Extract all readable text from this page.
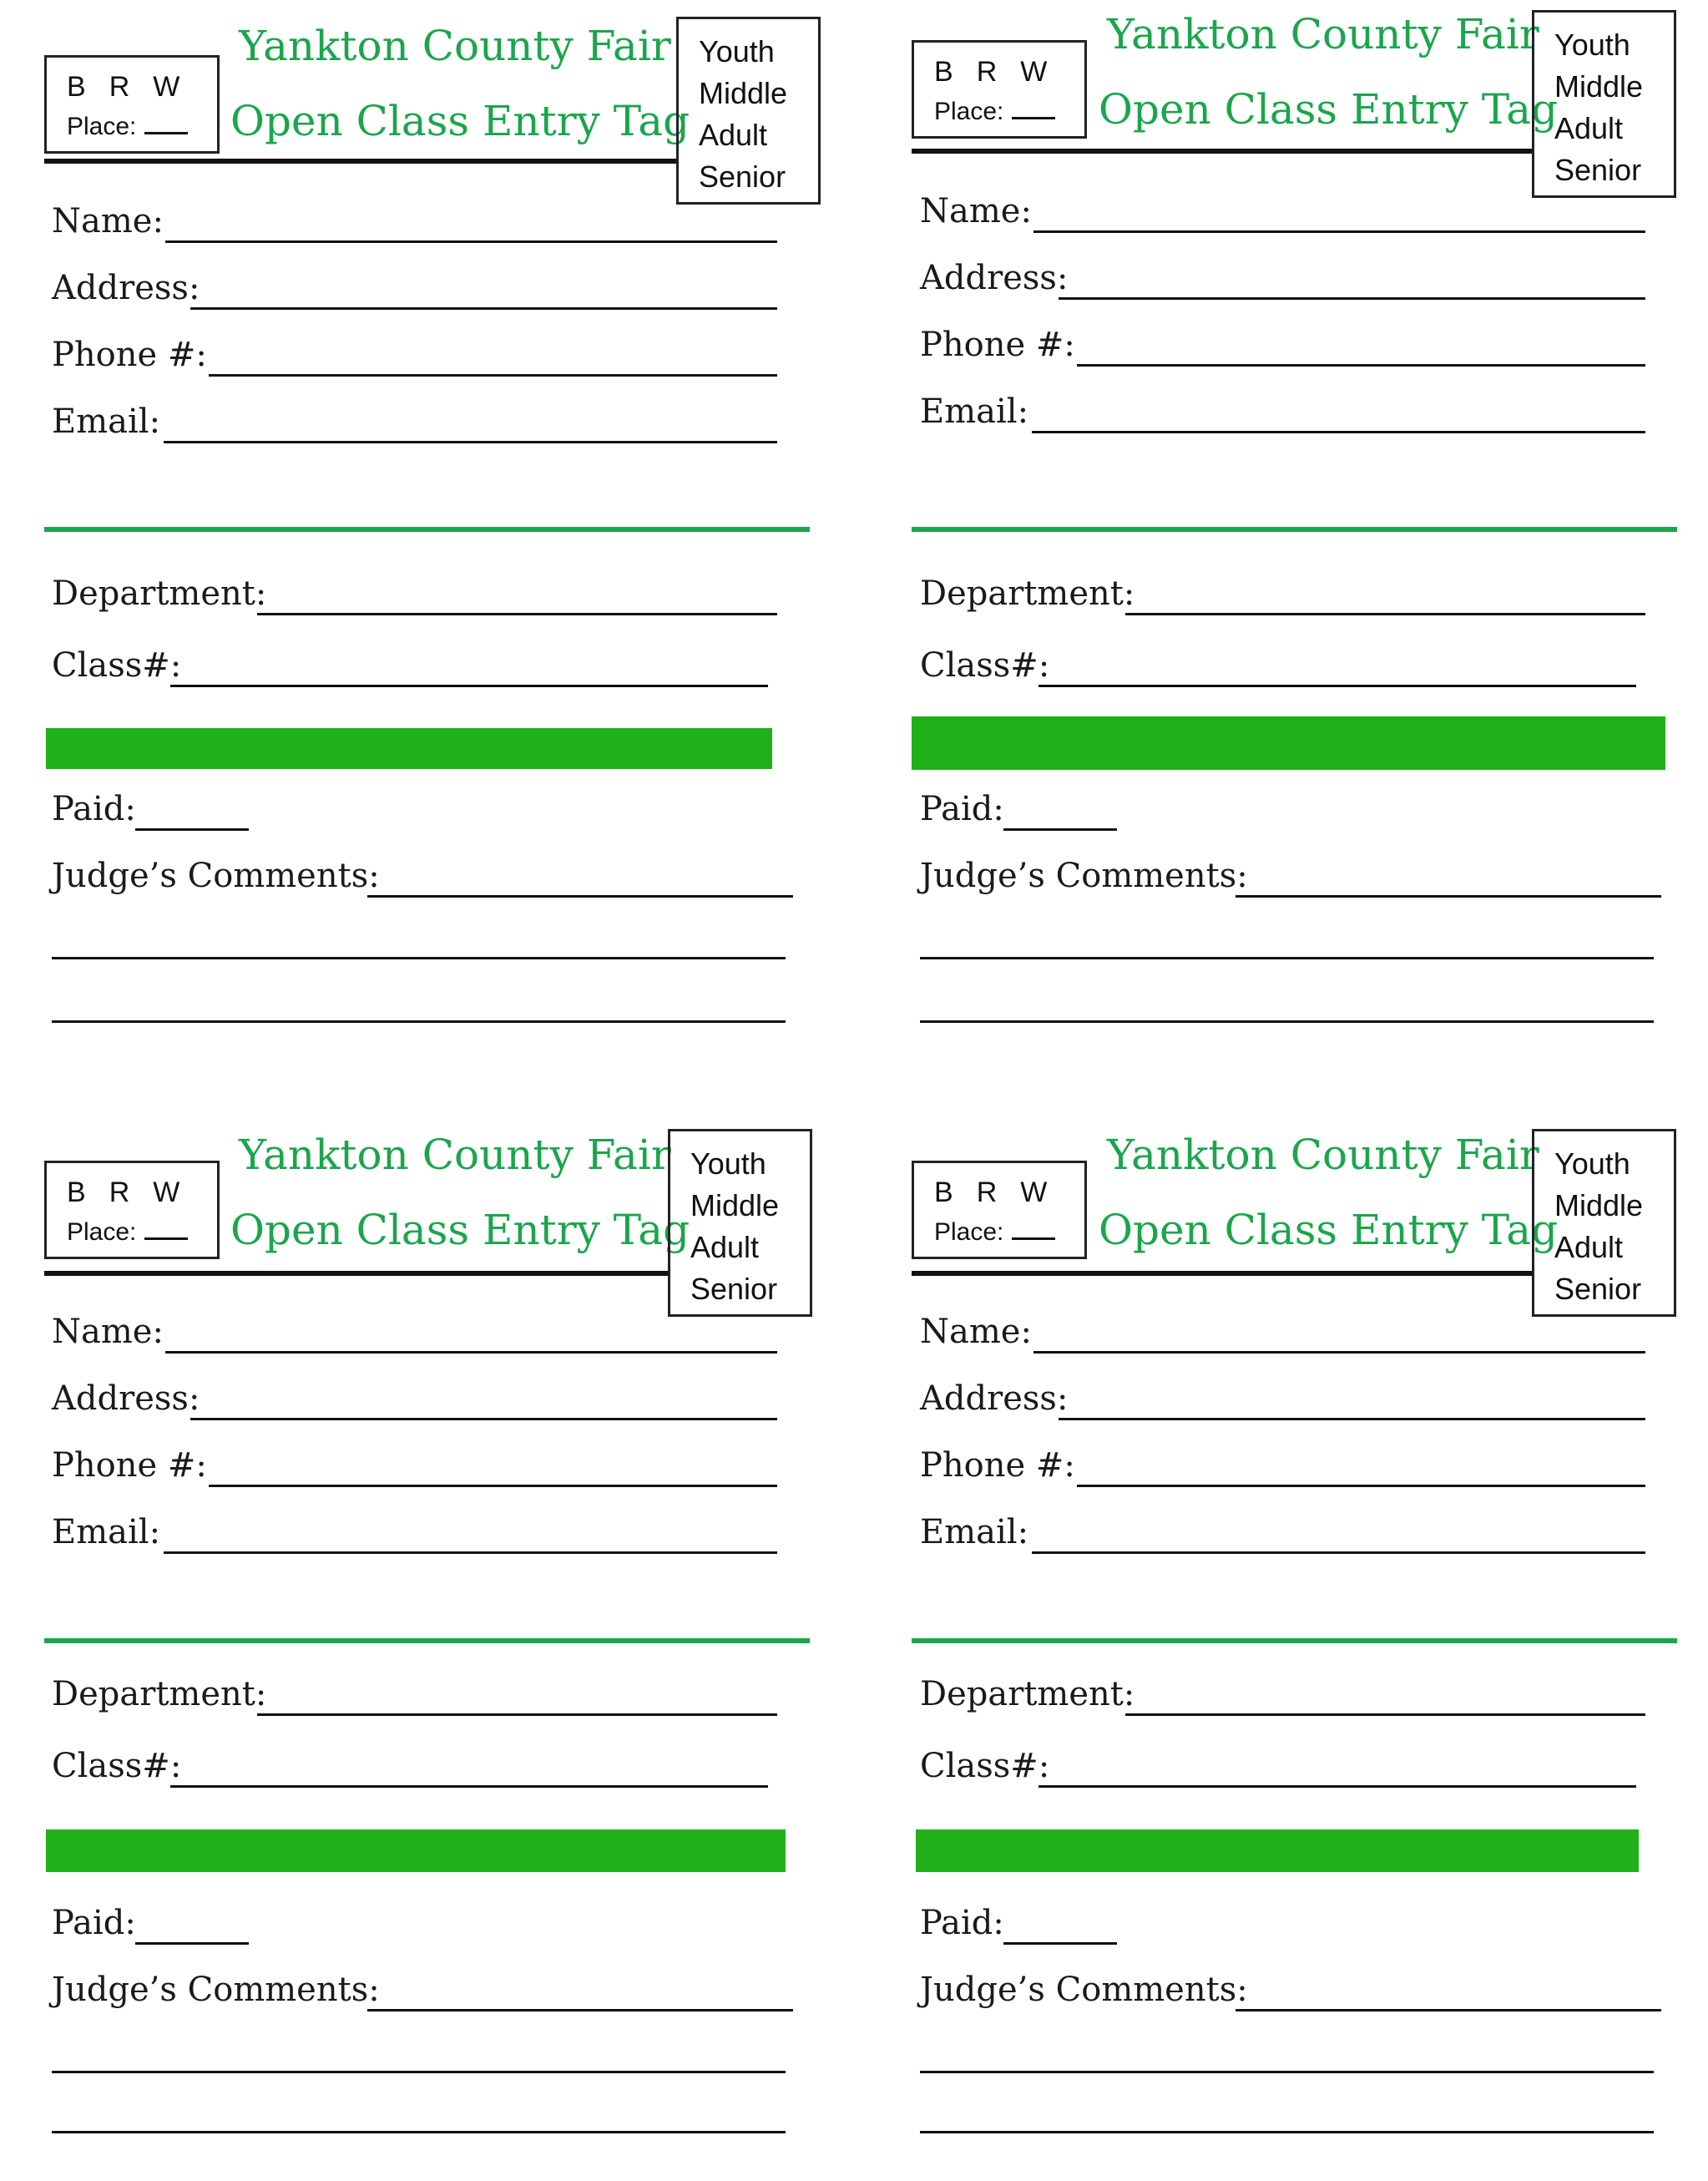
B R W
Place:
Yankton County Fair
Open Class Entry Tag
Youth
Middle
Adult
Senior
Name:
Address:
Phone #:
Email:
Department:
Class#:
Paid:
Judge’s Comments:
B R W
Place:
Yankton County Fair
Open Class Entry Tag
Youth
Middle
Adult
Senior
Name:
Address:
Phone #:
Email:
Department:
Class#:
Paid:
Judge’s Comments:
B R W
Place:
Yankton County Fair
Open Class Entry Tag
Youth
Middle
Adult
Senior
Name:
Address:
Phone #:
Email:
Department:
Class#:
Paid:
Judge’s Comments:
B R W
Place:
Yankton County Fair
Open Class Entry Tag
Youth
Middle
Adult
Senior
Name:
Address:
Phone #:
Email:
Department:
Class#:
Paid:
Judge’s Comments:
